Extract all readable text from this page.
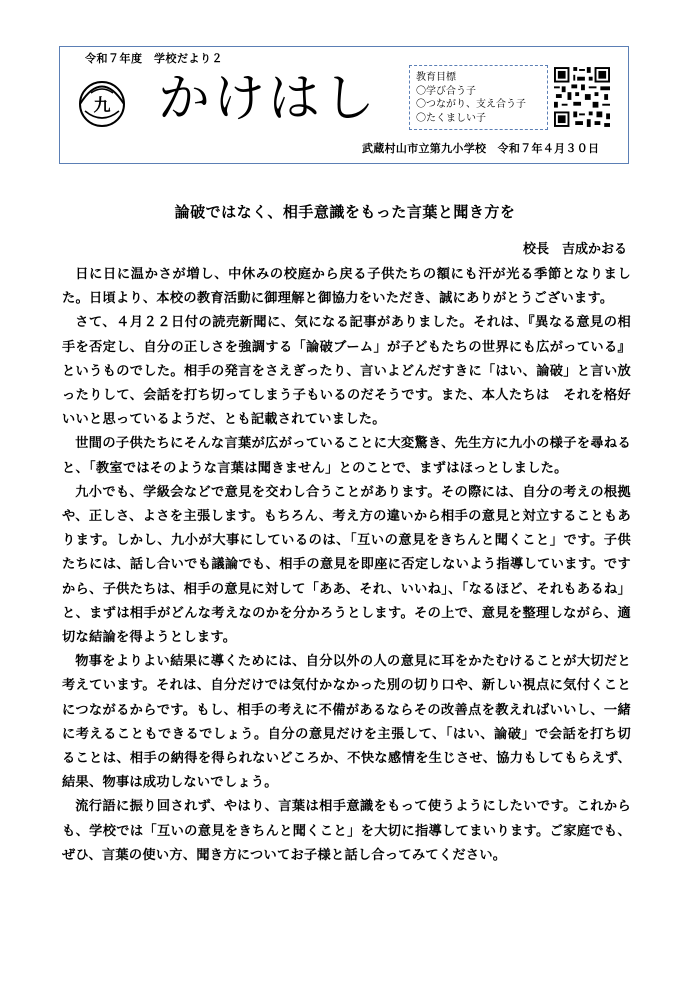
令和７年度　学校だより２
九 かけはし	教育目標
〇学び合う子
〇つながり、支え合う子
〇たくましい子
武蔵村山市立第九小学校　令和７年４月３０日
論破ではなく、相手意識をもった言葉と聞き方を
校長　吉成かおる

日に日に温かさが増し、中休みの校庭から戻る子供たちの額にも汗が光る季節となりました。日頃より、本校の教育活動に御理解と御協力をいただき、誠にありがとうございます。

さて、４月２２日付の読売新聞に、気になる記事がありました。それは、『異なる意見の相手を否定し、自分の正しさを強調する「論破ブーム」が子どもたちの世界にも広がっている』というものでした。相手の発言をさえぎったり、言いよどんだすきに「はい、論破」と言い放ったりして、会話を打ち切ってしまう子もいるのだそうです。また、本人たちは　それを格好いいと思っているようだ、とも記載されていました。

世間の子供たちにそんな言葉が広がっていることに大変驚き、先生方に九小の様子を尋ねると、「教室ではそのような言葉は聞きません」とのことで、まずはほっとしました。

九小でも、学級会などで意見を交わし合うことがあります。その際には、自分の考えの根拠や、正しさ、よさを主張します。もちろん、考え方の違いから相手の意見と対立することもあります。しかし、九小が大事にしているのは、「互いの意見をきちんと聞くこと」です。子供たちには、話し合いでも議論でも、相手の意見を即座に否定しないよう指導しています。ですから、子供たちは、相手の意見に対して「ああ、それ、いいね」、「なるほど、それもあるね」と、まずは相手がどんな考えなのかを分かろうとします。その上で、意見を整理しながら、適切な結論を得ようとします。

物事をよりよい結果に導くためには、自分以外の人の意見に耳をかたむけることが大切だと考えています。それは、自分だけでは気付かなかった別の切り口や、新しい視点に気付くことにつながるからです。もし、相手の考えに不備があるならその改善点を教えればいいし、一緒に考えることもできるでしょう。自分の意見だけを主張して、「はい、論破」で会話を打ち切ることは、相手の納得を得られないどころか、不快な感情を生じさせ、協力もしてもらえず、結果、物事は成功しないでしょう。

流行語に振り回されず、やはり、言葉は相手意識をもって使うようにしたいです。これからも、学校では「互いの意見をきちんと聞くこと」を大切に指導してまいります。ご家庭でも、ぜひ、言葉の使い方、聞き方についてお子様と話し合ってみてください。
